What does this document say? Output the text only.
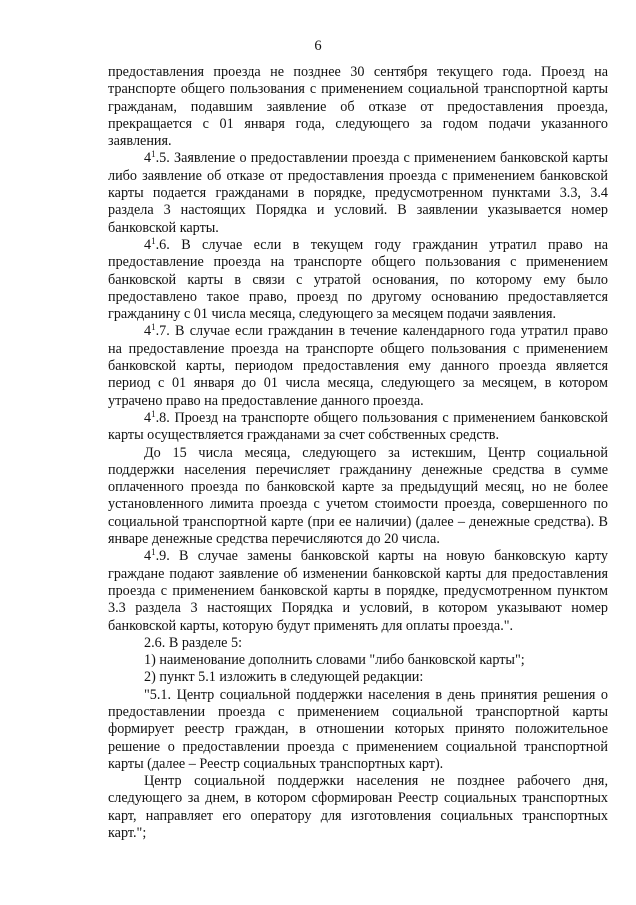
6

предоставления проезда не позднее 30 сентября текущего года. Проезд на транспорте общего пользования с применением социальной транспортной карты гражданам, подавшим заявление об отказе от предоставления проезда, прекращается с 01 января года, следующего за годом подачи указанного заявления.

$4^1.5$. Заявление о предоставлении проезда с применением банковской карты либо заявление об отказе от предоставления проезда с применением банковской карты подается гражданами в порядке, предусмотренном пунктами 3.3, 3.4 раздела 3 настоящих Порядка и условий. В заявлении указывается номер банковской карты.

$4^1.6$. В случае если в текущем году гражданин утратил право на предоставление проезда на транспорте общего пользования с применением банковской карты в связи с утратой основания, по которому ему было предоставлено такое право, проезд по другому основанию предоставляется гражданину с 01 числа месяца, следующего за месяцем подачи заявления.

$4^1.7$. В случае если гражданин в течение календарного года утратил право на предоставление проезда на транспорте общего пользования с применением банковской карты, периодом предоставления ему данного проезда является период с 01 января до 01 числа месяца, следующего за месяцем, в котором утрачено право на предоставление данного проезда.

$4^1.8$. Проезд на транспорте общего пользования с применением банковской карты осуществляется гражданами за счет собственных средств.

До 15 числа месяца, следующего за истекшим, Центр социальной поддержки населения перечисляет гражданину денежные средства в сумме оплаченного проезда по банковской карте за предыдущий месяц, но не более установленного лимита проезда с учетом стоимости проезда, совершенного по социальной транспортной карте (при ее наличии) (далее – денежные средства). В январе денежные средства перечисляются до 20 числа.

$4^1.9$. В случае замены банковской карты на новую банковскую карту граждане подают заявление об изменении банковской карты для предоставления проезда с применением банковской карты в порядке, предусмотренном пунктом 3.3 раздела 3 настоящих Порядка и условий, в котором указывают номер банковской карты, которую будут применять для оплаты проезда.".

2.6. В разделе 5:

1) наименование дополнить словами "либо банковской карты";

2) пункт 5.1 изложить в следующей редакции:

"5.1. Центр социальной поддержки населения в день принятия решения о предоставлении проезда с применением социальной транспортной карты формирует реестр граждан, в отношении которых принято положительное решение о предоставлении проезда с применением социальной транспортной карты (далее – Реестр социальных транспортных карт).

Центр социальной поддержки населения не позднее рабочего дня, следующего за днем, в котором сформирован Реестр социальных транспортных карт, направляет его оператору для изготовления социальных транспортных карт.";
